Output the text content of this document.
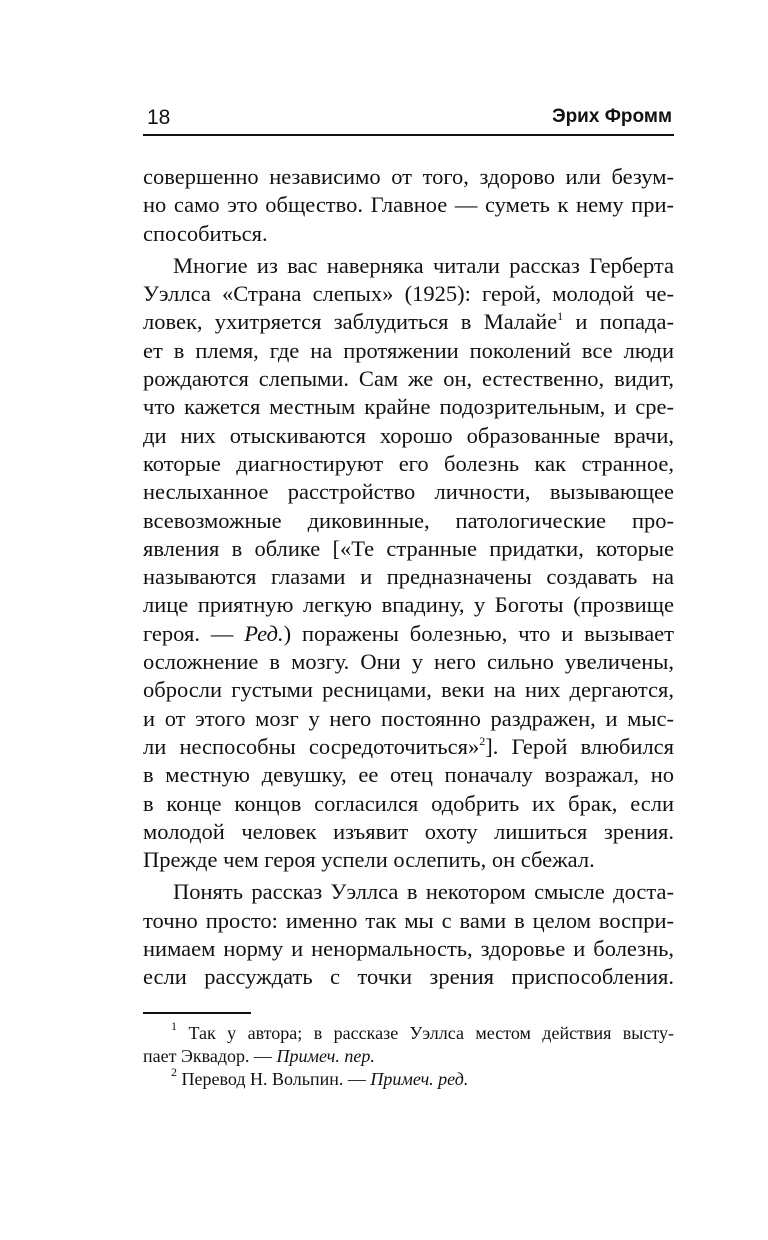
18	Эрих Фромм
совершенно независимо от того, здорово или безум-
но само это общество. Главное — суметь к нему при-
способиться.
Многие из вас наверняка читали рассказ Герберта
Уэллса «Страна слепых» (1925): герой, молодой че-
ловек, ухитряется заблудиться в Малайе$^1$ и попада-
ет в племя, где на протяжении поколений все люди
рождаются слепыми. Сам же он, естественно, видит,
что кажется местным крайне подозрительным, и сре-
ди них отыскиваются хорошо образованные врачи,
которые диагностируют его болезнь как странное,
неслыханное расстройство личности, вызывающее
всевозможные диковинные, патологические про-
явления в облике [«Те странные придатки, которые
называются глазами и предназначены создавать на
лице приятную легкую впадину, у Боготы (прозвище
героя. — Ред.) поражены болезнью, что и вызывает
осложнение в мозгу. Они у него сильно увеличены,
обросли густыми ресницами, веки на них дергаются,
и от этого мозг у него постоянно раздражен, и мыс-
ли неспособны сосредоточиться»$^2$]. Герой влюбился
в местную девушку, ее отец поначалу возражал, но
в конце концов согласился одобрить их брак, если
молодой человек изъявит охоту лишиться зрения.
Прежде чем героя успели ослепить, он сбежал.
Понять рассказ Уэллса в некотором смысле доста-
точно просто: именно так мы с вами в целом воспри-
нимаем норму и ненормальность, здоровье и болезнь,
если рассуждать с точки зрения приспособления.
$^1$ Так у автора; в рассказе Уэллса местом действия высту-
пает Эквадор. — Примеч. пер.
$^2$ Перевод Н. Вольпин. — Примеч. ред.
